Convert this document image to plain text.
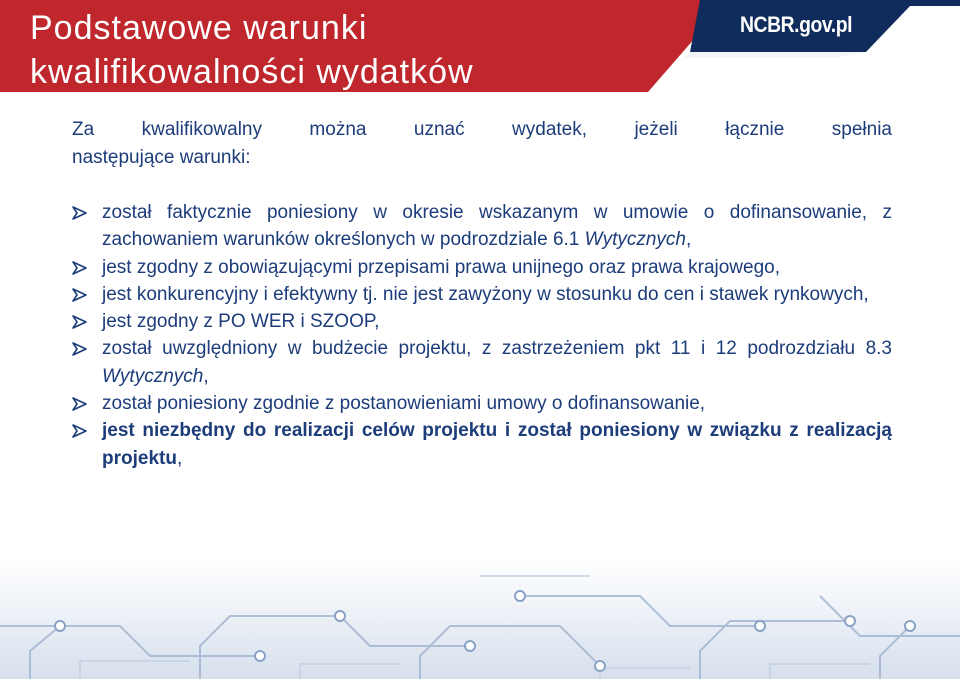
Podstawowe warunki
kwalifikowalności wydatków
NCBR.gov.pl

Za kwalifikowalny można uznać wydatek, jeżeli łącznie spełnia
następujące warunki:

został faktycznie poniesiony w okresie wskazanym w umowie o dofinansowanie, z zachowaniem warunków określonych w podrozdziale 6.1 Wytycznych,
jest zgodny z obowiązującymi przepisami prawa unijnego oraz prawa krajowego,
jest konkurencyjny i efektywny tj. nie jest zawyżony w stosunku do cen i stawek rynkowych,
jest zgodny z PO WER i SZOOP,
został uwzględniony w budżecie projektu, z zastrzeżeniem pkt 11 i 12 podrozdziału 8.3 Wytycznych,
został poniesiony zgodnie z postanowieniami umowy o dofinansowanie,
jest niezbędny do realizacji celów projektu i został poniesiony w związku z realizacją projektu,
